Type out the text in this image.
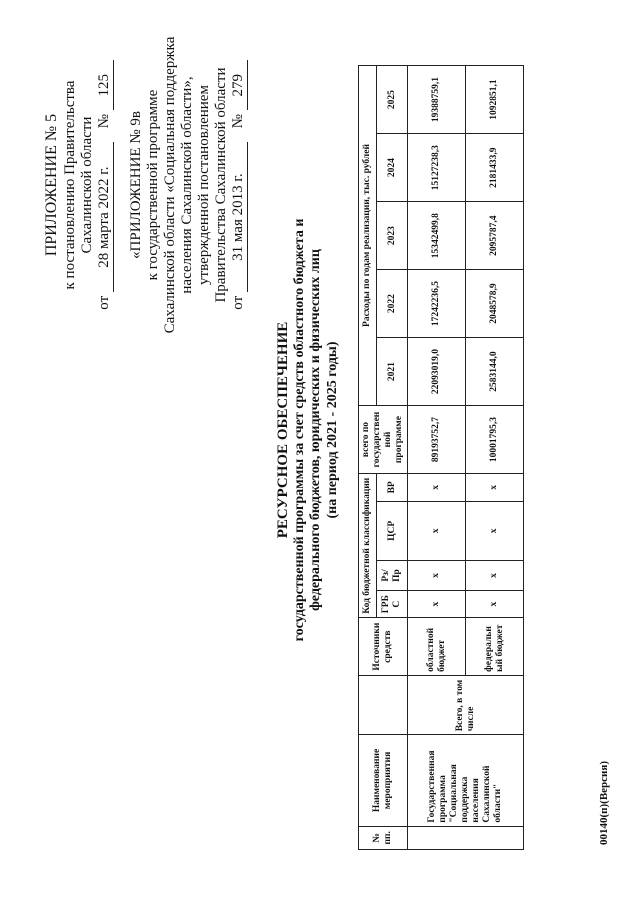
ПРИЛОЖЕНИЕ № 5 к постановлению Правительства Сахалинской области
от 28 марта 2022 г. № 125
«ПРИЛОЖЕНИЕ № 9в к государственной программе Сахалинской области «Социальная поддержка населения Сахалинской области», утвержденной постановлением Правительства Сахалинской области
от 31 мая 2013 г. № 279
РЕСУРСНОЕ ОБЕСПЕЧЕНИЕ государственной программы за счет средств областного бюджета и федерального бюджетов, юридических и физических лиц (на период 2021 - 2025 годы)
№ пп.	Наименование мероприятия		Источники средств	Код бюджетной классификации				всего по государственной программе	Расходы по годам реализации, тыс. рублей				
				ГРБС	Рз/ Пр	ЦСР	ВР		2021	2022	2023	2024	2025
	Государственная программа "Социальная поддержка населения Сахалинской области"	Всего, в том числе	областной бюджет	х	х	х	х	89193752,7	22093019,0	17242236,5	15342499,8	15127238,3	19388759,1
			федеральный бюджет	х	х	х	х	10001795,3	2583144,0	2048578,9	2095787,4	2181433,9	1092851,1
00140(п)(Версия)
